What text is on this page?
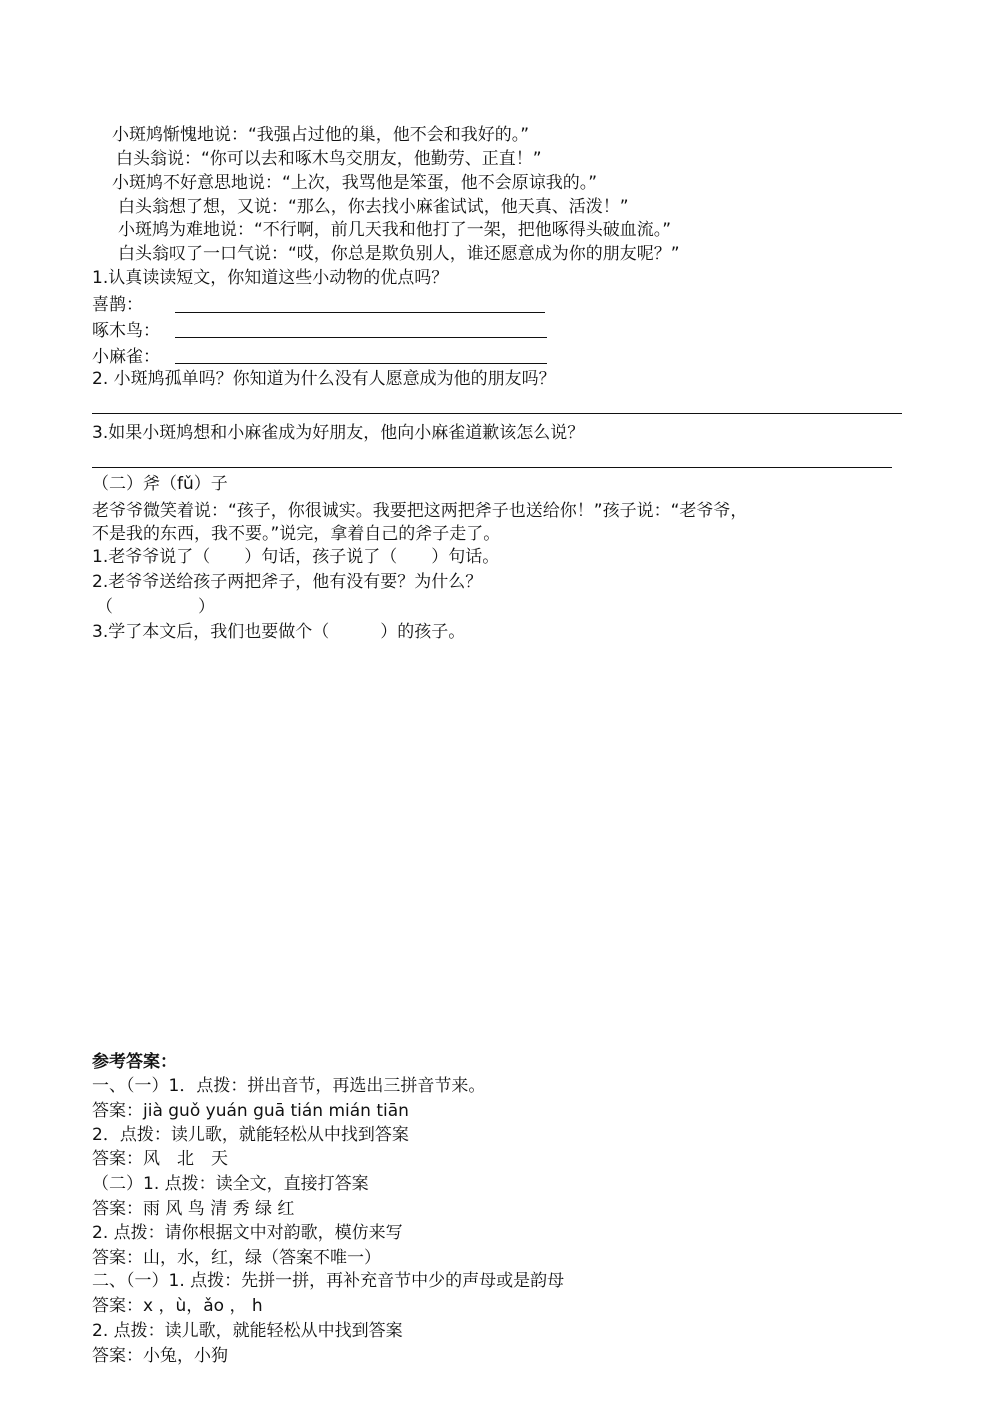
小斑鸠惭愧地说：“我强占过他的巢，他不会和我好的。”
白头翁说：“你可以去和啄木鸟交朋友，他勤劳、正直！”
小斑鸠不好意思地说：“上次，我骂他是笨蛋，他不会原谅我的。”
白头翁想了想，又说：“那么，你去找小麻雀试试，他天真、活泼！”
小斑鸠为难地说：“不行啊，前几天我和他打了一架，把他啄得头破血流。”
白头翁叹了一口气说：“哎，你总是欺负别人，谁还愿意成为你的朋友呢？”
1.认真读读短文，你知道这些小动物的优点吗？
喜鹊：
啄木鸟：
小麻雀：
2. 小斑鸠孤单吗？你知道为什么没有人愿意成为他的朋友吗？
3.如果小斑鸠想和小麻雀成为好朋友，他向小麻雀道歉该怎么说？
（二）斧（fǔ）子
老爷爷微笑着说：“孩子，你很诚实。我要把这两把斧子也送给你！”孩子说：“老爷爷，
不是我的东西，我不要。”说完，拿着自己的斧子走了。
1.老爷爷说了（　　）句话，孩子说了（　　）句话。
2.老爷爷送给孩子两把斧子，他有没有要？为什么？
（　　　　　）
3.学了本文后，我们也要做个（　　　）的孩子。
参考答案：
一、（一）1．点拨：拼出音节，再选出三拼音节来。
答案：jià guǒ yuán guā tián mián tiān
2．点拨：读儿歌，就能轻松从中找到答案
答案：风　北　天
（二）1. 点拨：读全文，直接打答案
答案：雨 风 鸟 清 秀 绿 红
2. 点拨：请你根据文中对韵歌，模仿来写
答案：山，水，红，绿（答案不唯一）
二、（一）1. 点拨：先拼一拼，再补充音节中少的声母或是韵母
答案：x ，ù，ǎo ， h
2. 点拨：读儿歌，就能轻松从中找到答案
答案：小兔，小狗
